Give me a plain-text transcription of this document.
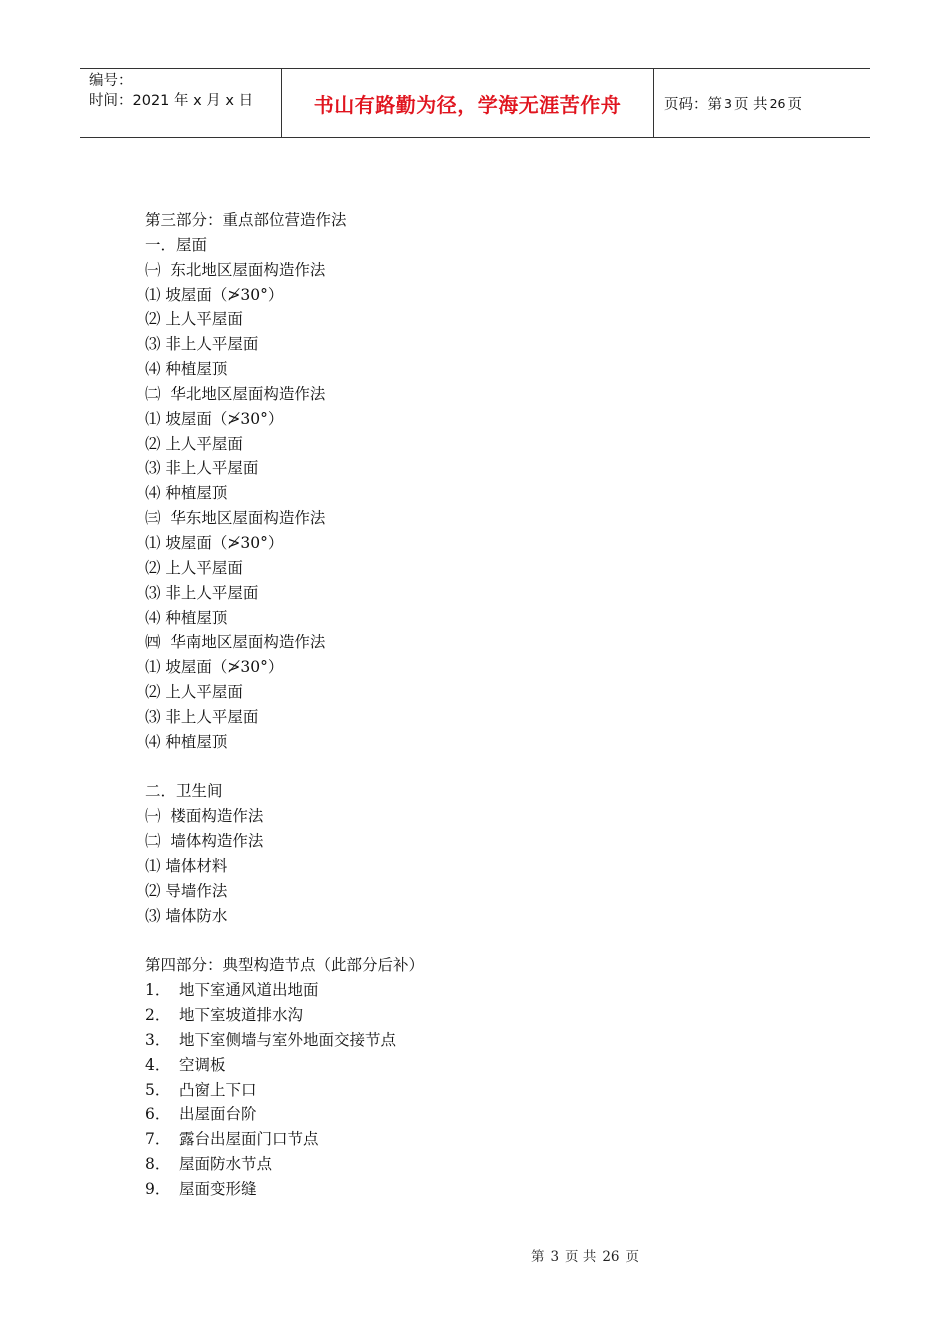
编号：
时间：2021 年 x 月 x 日	书山有路勤为径，学海无涯苦作舟	页码：第 3 页 共 26 页
第三部分：重点部位营造作法
一．屋面
㈠  东北地区屋面构造作法
⑴ 坡屋面（≯30°）
⑵ 上人平屋面
⑶ 非上人平屋面
⑷ 种植屋顶
㈡  华北地区屋面构造作法
⑴ 坡屋面（≯30°）
⑵ 上人平屋面
⑶ 非上人平屋面
⑷ 种植屋顶
㈢  华东地区屋面构造作法
⑴ 坡屋面（≯30°）
⑵ 上人平屋面
⑶ 非上人平屋面
⑷ 种植屋顶
㈣  华南地区屋面构造作法
⑴ 坡屋面（≯30°）
⑵ 上人平屋面
⑶ 非上人平屋面
⑷ 种植屋顶
二．卫生间
㈠  楼面构造作法
㈡  墙体构造作法
⑴ 墙体材料
⑵ 导墙作法
⑶ 墙体防水
第四部分：典型构造节点（此部分后补）
1． 地下室通风道出地面
2． 地下室坡道排水沟
3． 地下室侧墙与室外地面交接节点
4． 空调板
5． 凸窗上下口
6． 出屋面台阶
7． 露台出屋面门口节点
8． 屋面防水节点
9． 屋面变形缝
第 3 页 共 26 页
